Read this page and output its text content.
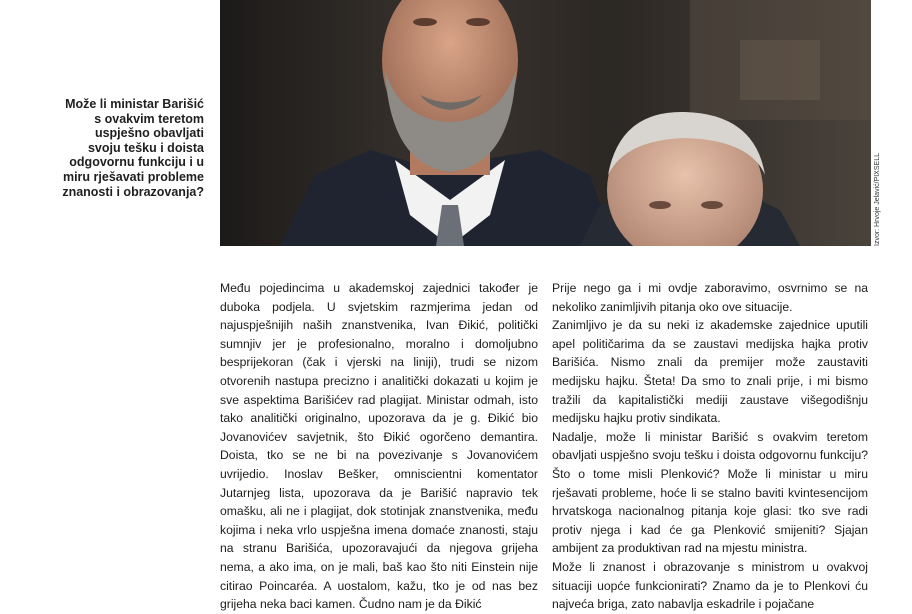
Izvor: Hrvoje Jelavić/PIXSELL
Može li ministar Barišić s ovakvim teretom uspješno obavljati svoju tešku i doista odgovornu funkciju i u miru rješavati probleme znanosti i obrazovanja?

Među pojedincima u akademskoj zajednici također je duboka podjela. U svjetskim razmjerima jedan od najuspješnijih naših znanstvenika, Ivan Đikić, politički sumnjiv jer je profesionalno, moralno i domoljubno besprijekoran (čak i vjerski na liniji), trudi se nizom otvorenih nastupa precizno i analitički dokazati u kojim je sve aspektima Barišićev rad plagijat. Ministar odmah, isto tako analitički originalno, upozorava da je g. Đikić bio Jovanovićev savjetnik, što Đikić ogorčeno demantira. Doista, tko se ne bi na povezivanje s Jovanovićem uvrijedio. Inoslav Bešker, omniscientni komentator Jutarnjeg lista, upozorava da je Barišić napravio tek omašku, ali ne i plagijat, dok stotinjak znanstvenika, među kojima i neka vrlo uspješna imena domaće znanosti, staju na stranu Barišića, upozoravajući da njegova grijeha nema, a ako ima, on je mali, baš kao što niti Einstein nije citirao Poincaréa. A uostalom, kažu, tko je od nas bez grijeha neka baci kamen. Čudno nam je da Đikić

Prije nego ga i mi ovdje zaboravimo, osvrnimo se na nekoliko zanimljivih pitanja oko ove situacije.

Zanimljivo je da su neki iz akademske zajednice uputili apel političarima da se zaustavi medijska hajka protiv Barišića. Nismo znali da premijer može zaustaviti medijsku hajku. Šteta! Da smo to znali prije, i mi bismo tražili da kapitalistički mediji zaustave višegodišnju medijsku hajku protiv sindikata.

Nadalje, može li ministar Barišić s ovakvim teretom obavljati uspješno svoju tešku i doista odgovornu funkciju? Što o tome misli Plenković? Može li ministar u miru rješavati probleme, hoće li se stalno baviti kvintesencijom hrvatskoga nacionalnog pitanja koje glasi: tko sve radi protiv njega i kad će ga Plenković smijeniti? Sjajan ambijent za produktivan rad na mjestu ministra.

Može li znanost i obrazovanje s ministrom u ovakvoj situaciji uopće funkcionirati? Znamo da je to Plenkovi ću najveća briga, zato nabavlja eskadrile i pojačane
